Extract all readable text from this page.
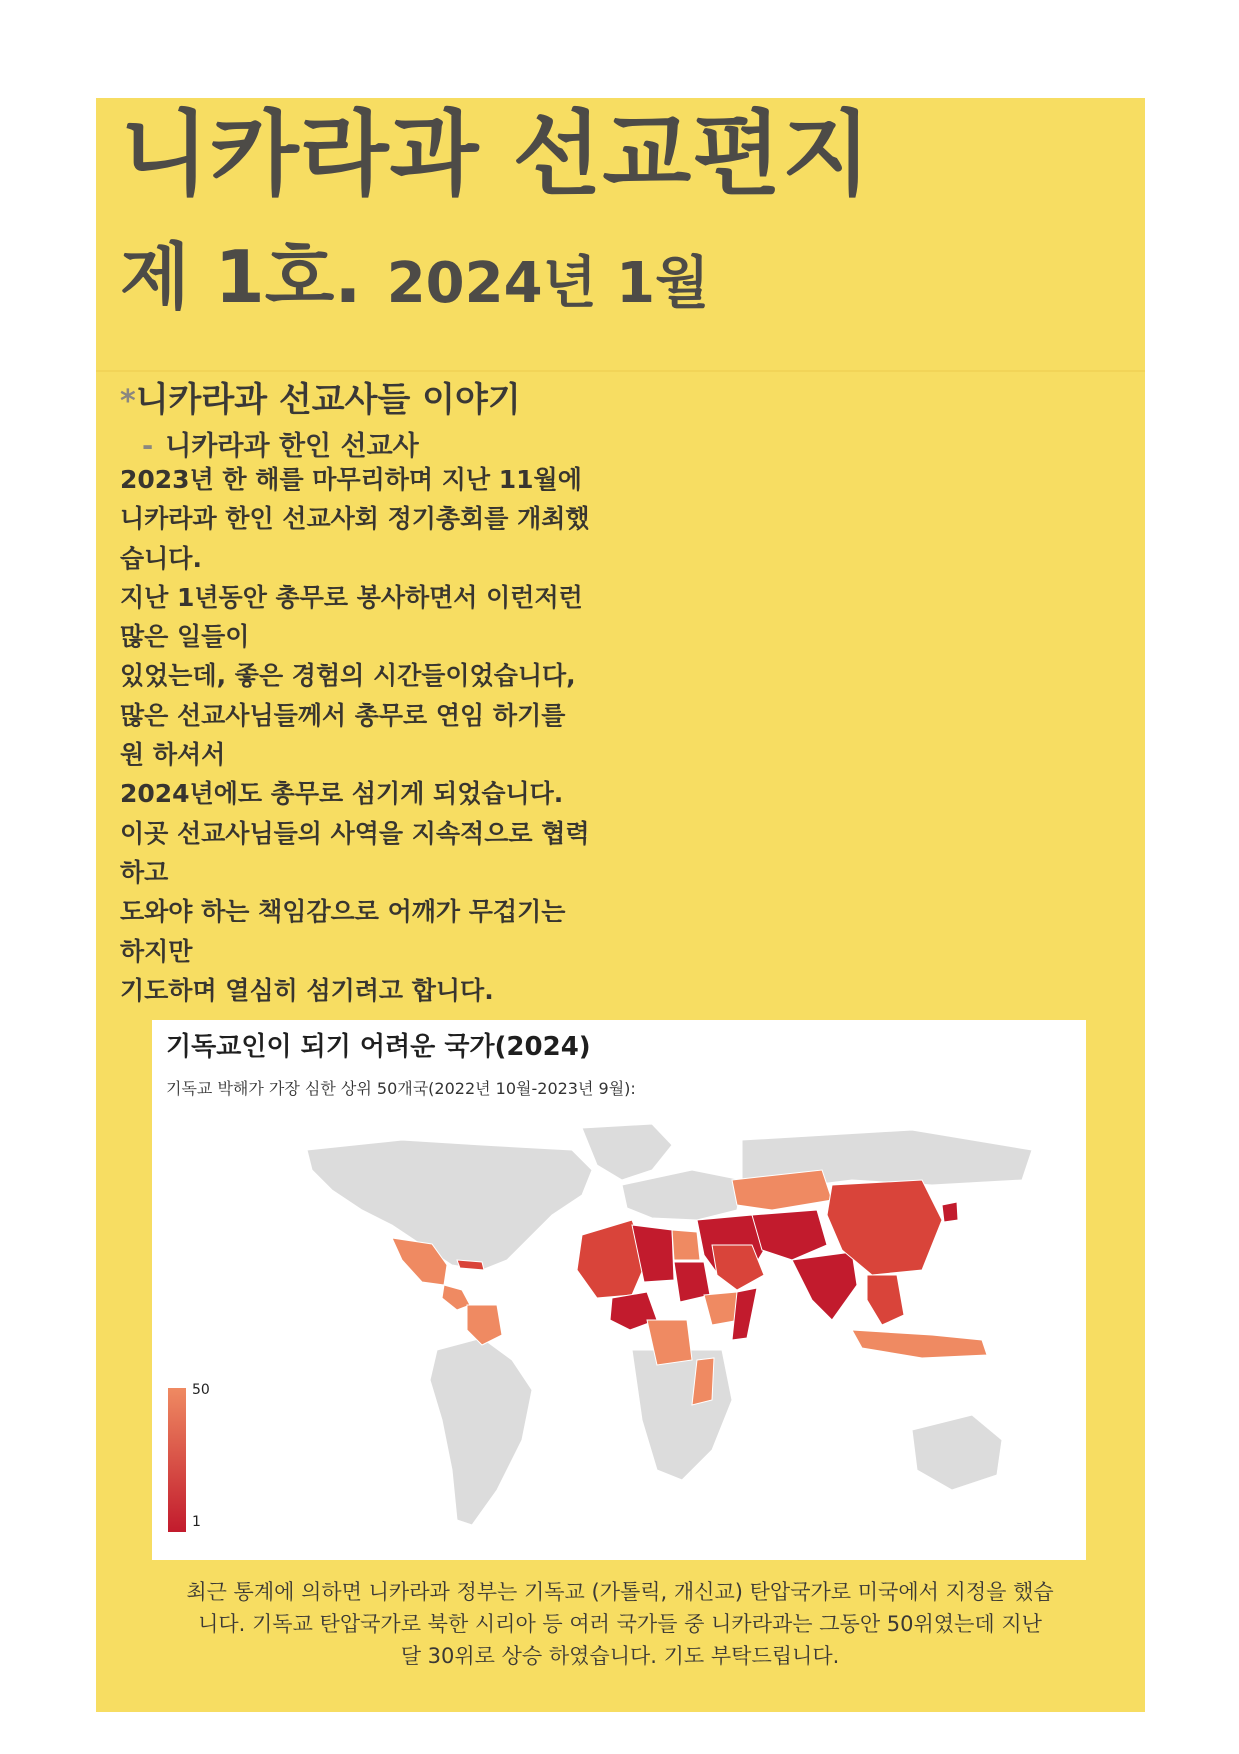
니카라과 선교편지
제 1호. 2024년 1월
*니카라과 선교사들 이야기
- 니카라과 한인 선교사
2023년 한 해를 마무리하며 지난 11월에
니카라과 한인 선교사회 정기총회를 개최했
습니다.
지난 1년동안 총무로 봉사하면서 이런저런
많은 일들이
있었는데, 좋은 경험의 시간들이었습니다,
많은 선교사님들께서 총무로 연임 하기를
원 하셔서
2024년에도 총무로 섬기게 되었습니다.
이곳 선교사님들의 사역을 지속적으로 협력
하고
도와야 하는 책임감으로 어깨가 무겁기는
하지만
기도하며 열심히 섬기려고 합니다.
기독교인이 되기 어려운 국가(2024)
기독교 박해가 가장 심한 상위 50개국(2022년 10월-2023년 9월):
50
1
최근 통계에 의하면 니카라과 정부는 기독교 (가톨릭, 개신교) 탄압국가로 미국에서 지정을 했습
니다. 기독교 탄압국가로 북한 시리아 등 여러 국가들 중 니카라과는 그동안 50위였는데 지난
달 30위로 상승 하였습니다. 기도 부탁드립니다.
